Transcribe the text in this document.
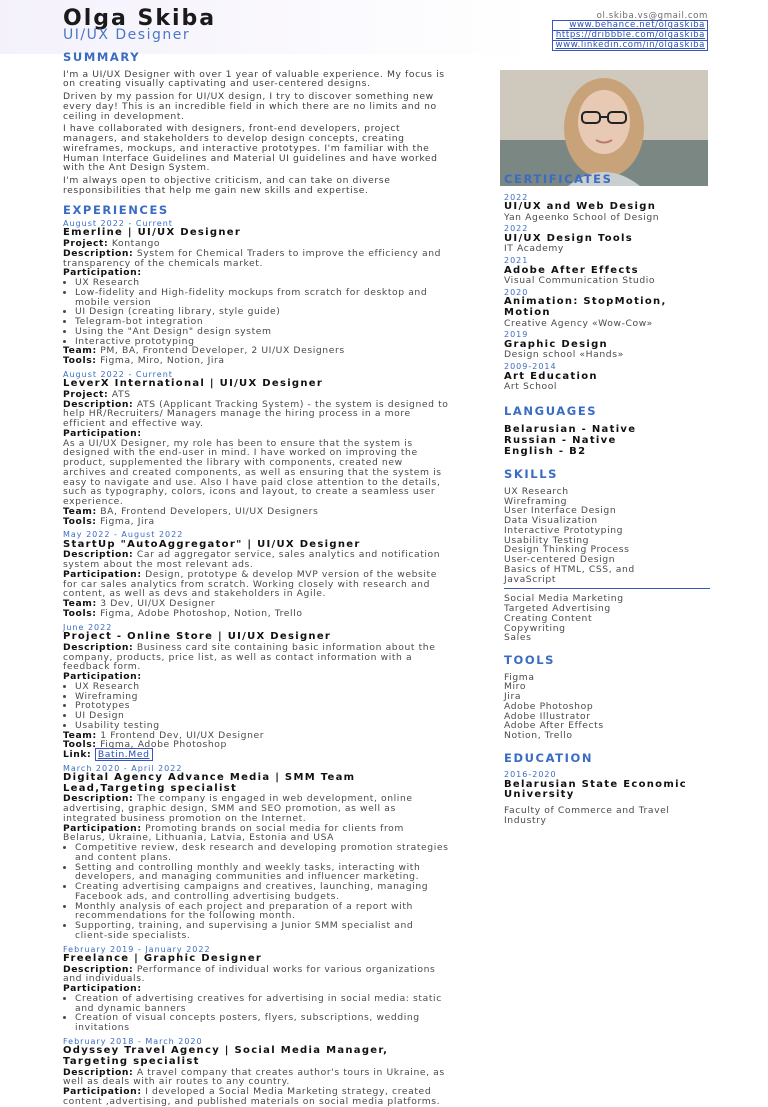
Olga Skiba
UI/UX Designer
ol.skiba.vs@gmail.com
www.behance.net/olgaskiba
https://dribbble.com/olgaskiba
www.linkedin.com/in/olgaskiba
SUMMARY

I'm a UI/UX Designer with over 1 year of valuable experience. My focus is on creating visually captivating and user-centered designs.

Driven by my passion for UI/UX design, I try to discover something new every day! This is an incredible field in which there are no limits and no ceiling in development.

I have collaborated with designers, front-end developers, project managers, and stakeholders to develop design concepts, creating wireframes, mockups, and interactive prototypes. I'm familiar with the Human Interface Guidelines and Material UI guidelines and have worked with the Ant Design System.

I'm always open to objective criticism, and can take on diverse responsibilities that help me gain new skills and expertise.

EXPERIENCES
August 2022 - Current
Emerline | UI/UX Designer
Project: Kontango
Description: System for Chemical Traders to improve the efficiency and transparency of the chemicals market.
Participation:
• UX Research
• Low-fidelity and High-fidelity mockups from scratch for desktop and mobile version
• UI Design (creating library, style guide)
• Telegram-bot integration
• Using the "Ant Design" design system
• Interactive prototyping
Team: PM, BA, Frontend Developer, 2 UI/UX Designers
Tools: Figma, Miro, Notion, Jira
August 2022 - Current
LeverX International | UI/UX Designer
Project: ATS
Description: ATS (Applicant Tracking System) - the system is designed to help HR/Recruiters/ Managers manage the hiring process in a more efficient and effective way.
Participation:
As a UI/UX Designer, my role has been to ensure that the system is designed with the end-user in mind. I have worked on improving the product, supplemented the library with components, created new archives and created components, as well as ensuring that the system is easy to navigate and use. Also I have paid close attention to the details, such as typography, colors, icons and layout, to create a seamless user experience.
Team: BA, Frontend Developers, UI/UX Designers
Tools: Figma, Jira
May 2022 - August 2022
StartUp "AutoAggregator" | UI/UX Designer
Description: Car ad aggregator service, sales analytics and notification system about the most relevant ads.
Participation: Design, prototype & develop MVP version of the website for car sales analytics from scratch. Working closely with research and content, as well as devs and stakeholders in Agile.
Team: 3 Dev, UI/UX Designer
Tools: Figma, Adobe Photoshop, Notion, Trello
June 2022
Project - Online Store | UI/UX Designer
Description: Business card site containing basic information about the company, products, price list, as well as contact information with a feedback form.
Participation:
• UX Research
• Wireframing
• Prototypes
• UI Design
• Usability testing
Team: 1 Frontend Dev, UI/UX Designer
Tools: Figma, Adobe Photoshop
Link: Batin.Med
March 2020 - April 2022
Digital Agency Advance Media | SMM Team Lead,Targeting specialist
Description: The company is engaged in web development, online advertising, graphic design, SMM and SEO promotion, as well as integrated business promotion on the Internet.
Participation: Promoting brands on social media for clients from Belarus, Ukraine, Lithuania, Latvia, Estonia and USA
• Competitive review, desk research and developing promotion strategies and content plans.
• Setting and controlling monthly and weekly tasks, interacting with developers, and managing communities and influencer marketing.
• Creating advertising campaigns and creatives, launching, managing Facebook ads, and controlling advertising budgets.
• Monthly analysis of each project and preparation of a report with recommendations for the following month.
• Supporting, training, and supervising a Junior SMM specialist and client-side specialists.
February 2019 - January 2022
Freelance | Graphic Designer
Description: Performance of individual works for various organizations and individuals.
Participation:
• Creation of advertising creatives for advertising in social media: static and dynamic banners
• Creation of visual concepts posters, flyers, subscriptions, wedding invitations
February 2018 - March 2020
Odyssey Travel Agency | Social Media Manager, Targeting specialist
Description: A travel company that creates author's tours in Ukraine, as well as deals with air routes to any country.
Participation: I developed a Social Media Marketing strategy, created content ,advertising, and published materials on social media platforms.
CERTIFICATES
2022
UI/UX and Web Design
Yan Ageenko School of Design
2022
UI/UX Design Tools
IT Academy
2021
Adobe After Effects
Visual Communication Studio
2020
Animation: StopMotion, Motion
Creative Agency «Wow-Cow»
2019
Graphic Design
Design school «Hands»
2009-2014
Art Education
Art School
LANGUAGES
Belarusian - Native
Russian - Native
English - B2
SKILLS
UX Research
Wireframing
User Interface Design
Data Visualization
Interactive Prototyping
Usability Testing
Design Thinking Process
User-centered Design
Basics of HTML, CSS, and JavaScript
Social Media Marketing
Targeted Advertising
Creating Content
Copywriting
Sales
TOOLS
Figma
Miro
Jira
Adobe Photoshop
Adobe Illustrator
Adobe After Effects
Notion, Trello
EDUCATION
2016-2020
Belarusian State Economic University
Faculty of Commerce and Travel Industry
